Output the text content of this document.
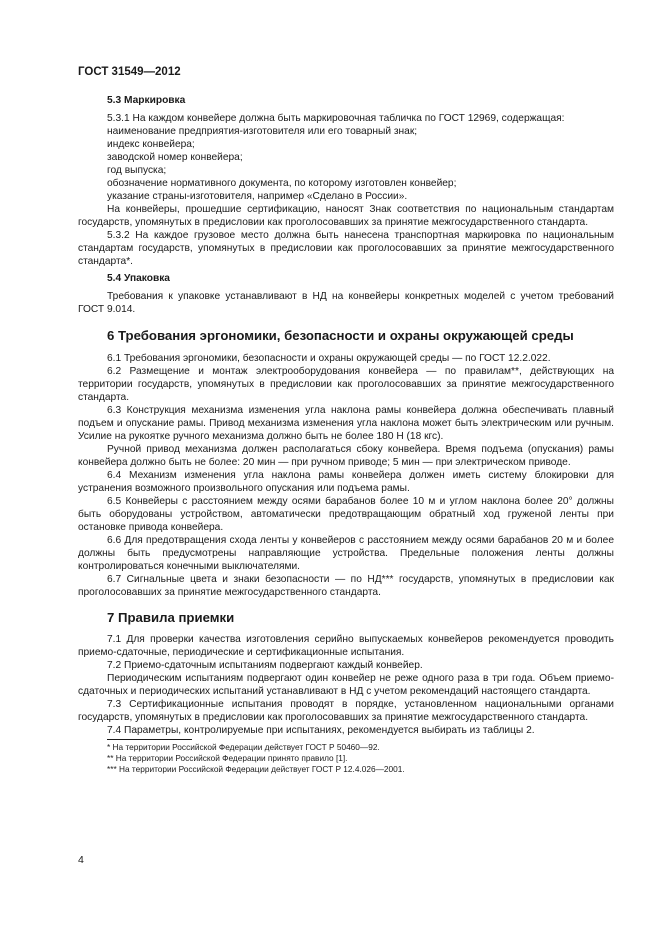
ГОСТ 31549—2012

5.3 Маркировка

5.3.1 На каждом конвейере должна быть маркировочная табличка по ГОСТ 12969, содержащая:

наименование предприятия-изготовителя или его товарный знак;

индекс конвейера;

заводской номер конвейера;

год выпуска;

обозначение нормативного документа, по которому изготовлен конвейер;

указание страны-изготовителя, например «Сделано в России».

На конвейеры, прошедшие сертификацию, наносят Знак соответствия по национальным стандартам государств, упомянутых в предисловии как проголосовавших за принятие межгосударственного стандарта.

5.3.2 На каждое грузовое место должна быть нанесена транспортная маркировка по национальным стандартам государств, упомянутых в предисловии как проголосовавших за принятие межгосударственного стандарта*.

5.4 Упаковка

Требования к упаковке устанавливают в НД на конвейеры конкретных моделей с учетом требований ГОСТ 9.014.

6 Требования эргономики, безопасности и охраны окружающей среды

6.1 Требования эргономики, безопасности и охраны окружающей среды — по ГОСТ 12.2.022.

6.2 Размещение и монтаж электрооборудования конвейера — по правилам**, действующих на территории государств, упомянутых в предисловии как проголосовавших за принятие межгосударственного стандарта.

6.3 Конструкция механизма изменения угла наклона рамы конвейера должна обеспечивать плавный подъем и опускание рамы. Привод механизма изменения угла наклона может быть электрическим или ручным. Усилие на рукоятке ручного механизма должно быть не более 180 Н (18 кгс).

Ручной привод механизма должен располагаться сбоку конвейера. Время подъема (опускания) рамы конвейера должно быть не более: 20 мин — при ручном приводе; 5 мин — при электрическом приводе.

6.4 Механизм изменения угла наклона рамы конвейера должен иметь систему блокировки для устранения возможного произвольного опускания или подъема рамы.

6.5 Конвейеры с расстоянием между осями барабанов более 10 м и углом наклона более 20° должны быть оборудованы устройством, автоматически предотвращающим обратный ход груженой ленты при остановке привода конвейера.

6.6 Для предотвращения схода ленты у конвейеров с расстоянием между осями барабанов 20 м и более должны быть предусмотрены направляющие устройства. Предельные положения ленты должны контролироваться конечными выключателями.

6.7 Сигнальные цвета и знаки безопасности — по НД*** государств, упомянутых в предисловии как проголосовавших за принятие межгосударственного стандарта.

7 Правила приемки

7.1 Для проверки качества изготовления серийно выпускаемых конвейеров рекомендуется проводить приемо-сдаточные, периодические и сертификационные испытания.

7.2 Приемо-сдаточным испытаниям подвергают каждый конвейер.

Периодическим испытаниям подвергают один конвейер не реже одного раза в три года. Объем приемо-сдаточных и периодических испытаний устанавливают в НД с учетом рекомендаций настоящего стандарта.

7.3 Сертификационные испытания проводят в порядке, установленном национальными органами государств, упомянутых в предисловии как проголосовавших за принятие межгосударственного стандарта.

7.4 Параметры, контролируемые при испытаниях, рекомендуется выбирать из таблицы 2.

* На территории Российской Федерации действует ГОСТ Р 50460—92.

** На территории Российской Федерации принято правило [1].

*** На территории Российской Федерации действует ГОСТ Р 12.4.026—2001.

4
